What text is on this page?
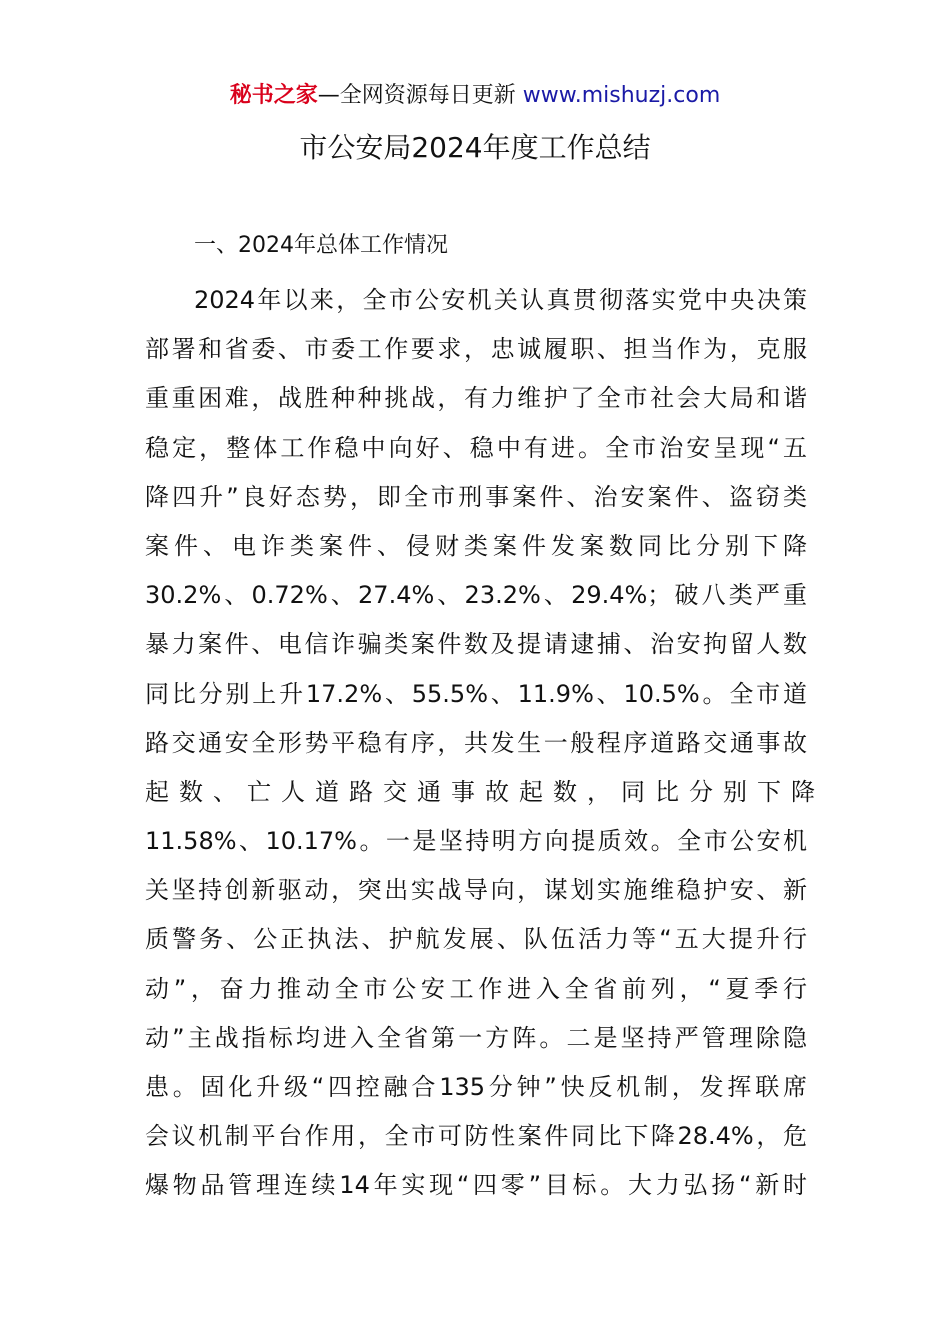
秘书之家—全网资源每日更新 www.mishuzj.com
市公安局2024年度工作总结
一、2024年总体工作情况
2024年以来，全市公安机关认真贯彻落实党中央决策
部署和省委、市委工作要求，忠诚履职、担当作为，克服
重重困难，战胜种种挑战，有力维护了全市社会大局和谐
稳定，整体工作稳中向好、稳中有进。全市治安呈现“五
降四升”良好态势，即全市刑事案件、治安案件、盗窃类
案件、电诈类案件、侵财类案件发案数同比分别下降
30.2%、0.72%、27.4%、23.2%、29.4%；破八类严重
暴力案件、电信诈骗类案件数及提请逮捕、治安拘留人数
同比分别上升17.2%、55.5%、11.9%、10.5%。全市道
路交通安全形势平稳有序，共发生一般程序道路交通事故
起数、亡人道路交通事故起数，同比分别下降
11.58%、10.17%。一是坚持明方向提质效。全市公安机
关坚持创新驱动，突出实战导向，谋划实施维稳护安、新
质警务、公正执法、护航发展、队伍活力等“五大提升行
动”，奋力推动全市公安工作进入全省前列，“夏季行
动”主战指标均进入全省第一方阵。二是坚持严管理除隐
患。固化升级“四控融合135分钟”快反机制，发挥联席
会议机制平台作用，全市可防性案件同比下降28.4%，危
爆物品管理连续14年实现“四零”目标。大力弘扬“新时
